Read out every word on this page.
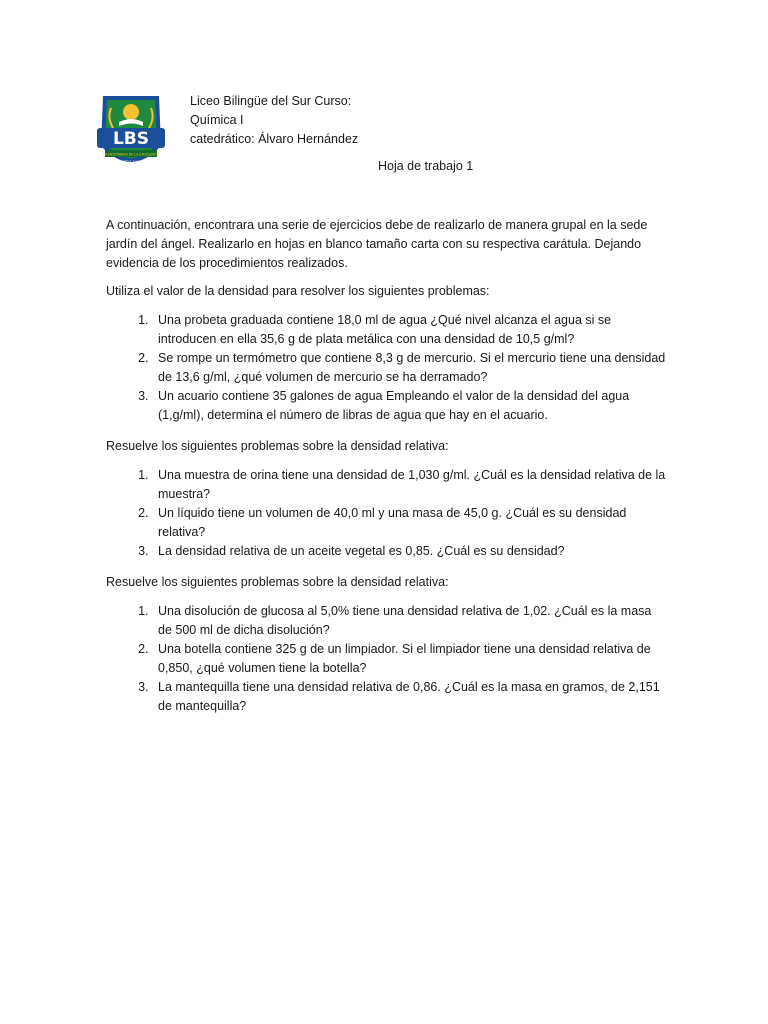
LBS
LA ENSEÑANZA DE LA EXCELENCIA
LICEO 1981
Liceo Bilingüe del Sur Curso:
Química I
catedrático: Álvaro Hernández
Hoja de trabajo 1

A continuación, encontrara una serie de ejercicios debe de realizarlo de manera grupal en la sede jardín del ángel. Realizarlo en hojas en blanco tamaño carta con su respectiva carátula. Dejando evidencia de los procedimientos realizados.

Utiliza el valor de la densidad para resolver los siguientes problemas:

1. Una probeta graduada contiene 18,0 ml de agua ¿Qué nivel alcanza el agua si se introducen en ella 35,6 g de plata metálica con una densidad de 10,5 g/ml?
2. Se rompe un termómetro que contiene 8,3 g de mercurio. Si el mercurio tiene una densidad de 13,6 g/ml, ¿qué volumen de mercurio se ha derramado?
3. Un acuario contiene 35 galones de agua Empleando el valor de la densidad del agua (1,g/ml), determina el número de libras de agua que hay en el acuario.

Resuelve los siguientes problemas sobre la densidad relativa:

1. Una muestra de orina tiene una densidad de 1,030 g/ml. ¿Cuál es la densidad relativa de la muestra?
2. Un líquido tiene un volumen de 40,0 ml y una masa de 45,0 g. ¿Cuál es su densidad relativa?
3. La densidad relativa de un aceite vegetal es 0,85. ¿Cuál es su densidad?

Resuelve los siguientes problemas sobre la densidad relativa:

1. Una disolución de glucosa al 5,0% tiene una densidad relativa de 1,02. ¿Cuál es la masa de 500 ml de dicha disolución?
2. Una botella contiene 325 g de un limpiador. Si el limpiador tiene una densidad relativa de 0,850, ¿qué volumen tiene la botella?
3. La mantequilla tiene una densidad relativa de 0,86. ¿Cuál es la masa en gramos, de 2,151 de mantequilla?
